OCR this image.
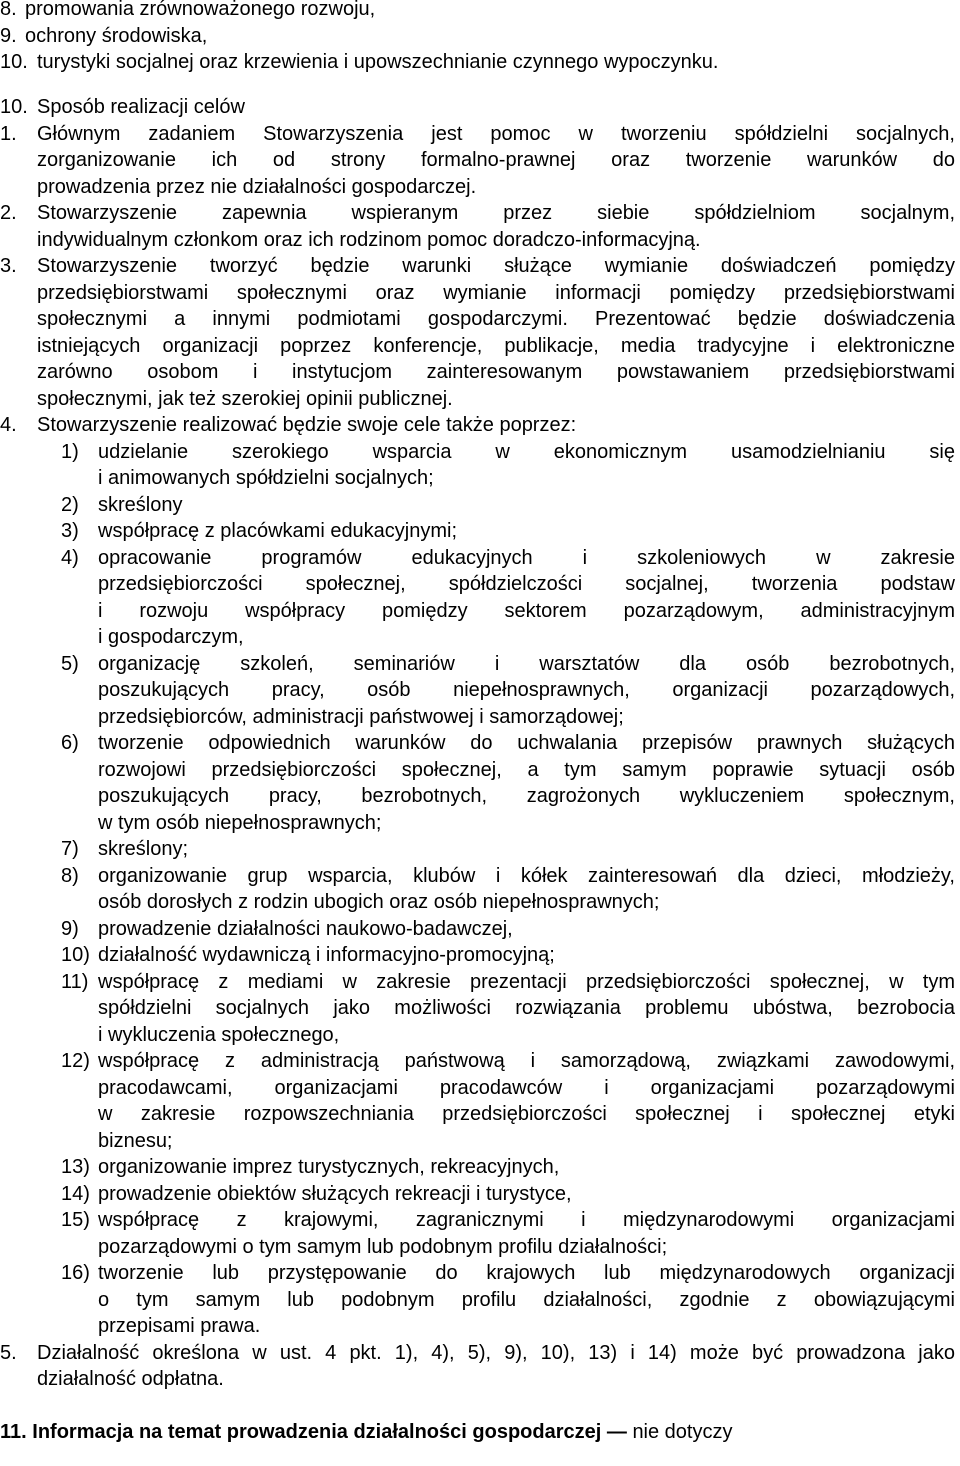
8. promowania zrównoważonego rozwoju,
9. ochrony środowiska,
10. turystyki socjalnej oraz krzewienia i upowszechnianie czynnego wypoczynku.
10. Sposób realizacji celów
1. Głównym zadaniem Stowarzyszenia jest pomoc w tworzeniu spółdzielni socjalnych,
zorganizowanie ich od strony formalno-prawnej oraz tworzenie warunków do
prowadzenia przez nie działalności gospodarczej.
2. Stowarzyszenie zapewnia wspieranym przez siebie spółdzielniom socjalnym,
indywidualnym członkom oraz ich rodzinom pomoc doradczo-informacyjną.
3. Stowarzyszenie tworzyć będzie warunki służące wymianie doświadczeń pomiędzy
przedsiębiorstwami społecznymi oraz wymianie informacji pomiędzy przedsiębiorstwami
społecznymi a innymi podmiotami gospodarczymi. Prezentować będzie doświadczenia
istniejących organizacji poprzez konferencje, publikacje, media tradycyjne i elektroniczne
zarówno osobom i instytucjom zainteresowanym powstawaniem przedsiębiorstwami
społecznymi, jak też szerokiej opinii publicznej.
4. Stowarzyszenie realizować będzie swoje cele także poprzez:
1) udzielanie szerokiego wsparcia w ekonomicznym usamodzielnianiu się
i animowanych spółdzielni socjalnych;
2) skreślony
3) współpracę z placówkami edukacyjnymi;
4) opracowanie programów edukacyjnych i szkoleniowych w zakresie
przedsiębiorczości społecznej, spółdzielczości socjalnej, tworzenia podstaw
i rozwoju współpracy pomiędzy sektorem pozarządowym, administracyjnym
i gospodarczym,
5) organizację szkoleń, seminariów i warsztatów dla osób bezrobotnych,
poszukujących pracy, osób niepełnosprawnych, organizacji pozarządowych,
przedsiębiorców, administracji państwowej i samorządowej;
6) tworzenie odpowiednich warunków do uchwalania przepisów prawnych służących
rozwojowi przedsiębiorczości społecznej, a tym samym poprawie sytuacji osób
poszukujących pracy, bezrobotnych, zagrożonych wykluczeniem społecznym,
w tym osób niepełnosprawnych;
7) skreślony;
8) organizowanie grup wsparcia, klubów i kółek zainteresowań dla dzieci, młodzieży,
osób dorosłych z rodzin ubogich oraz osób niepełnosprawnych;
9) prowadzenie działalności naukowo-badawczej,
10) działalność wydawniczą i informacyjno-promocyjną;
11) współpracę z mediami w zakresie prezentacji przedsiębiorczości społecznej, w tym
spółdzielni socjalnych jako możliwości rozwiązania problemu ubóstwa, bezrobocia
i wykluczenia społecznego,
12) współpracę z administracją państwową i samorządową, związkami zawodowymi,
pracodawcami, organizacjami pracodawców i organizacjami pozarządowymi
w zakresie rozpowszechniania przedsiębiorczości społecznej i społecznej etyki
biznesu;
13) organizowanie imprez turystycznych, rekreacyjnych,
14) prowadzenie obiektów służących rekreacji i turystyce,
15) współpracę z krajowymi, zagranicznymi i międzynarodowymi organizacjami
pozarządowymi o tym samym lub podobnym profilu działalności;
16) tworzenie lub przystępowanie do krajowych lub międzynarodowych organizacji
o tym samym lub podobnym profilu działalności, zgodnie z obowiązującymi
przepisami prawa.
5. Działalność określona w ust. 4 pkt. 1), 4), 5), 9), 10), 13) i 14) może być prowadzona jako
działalność odpłatna.
11. Informacja na temat prowadzenia działalności gospodarczej — nie dotyczy
